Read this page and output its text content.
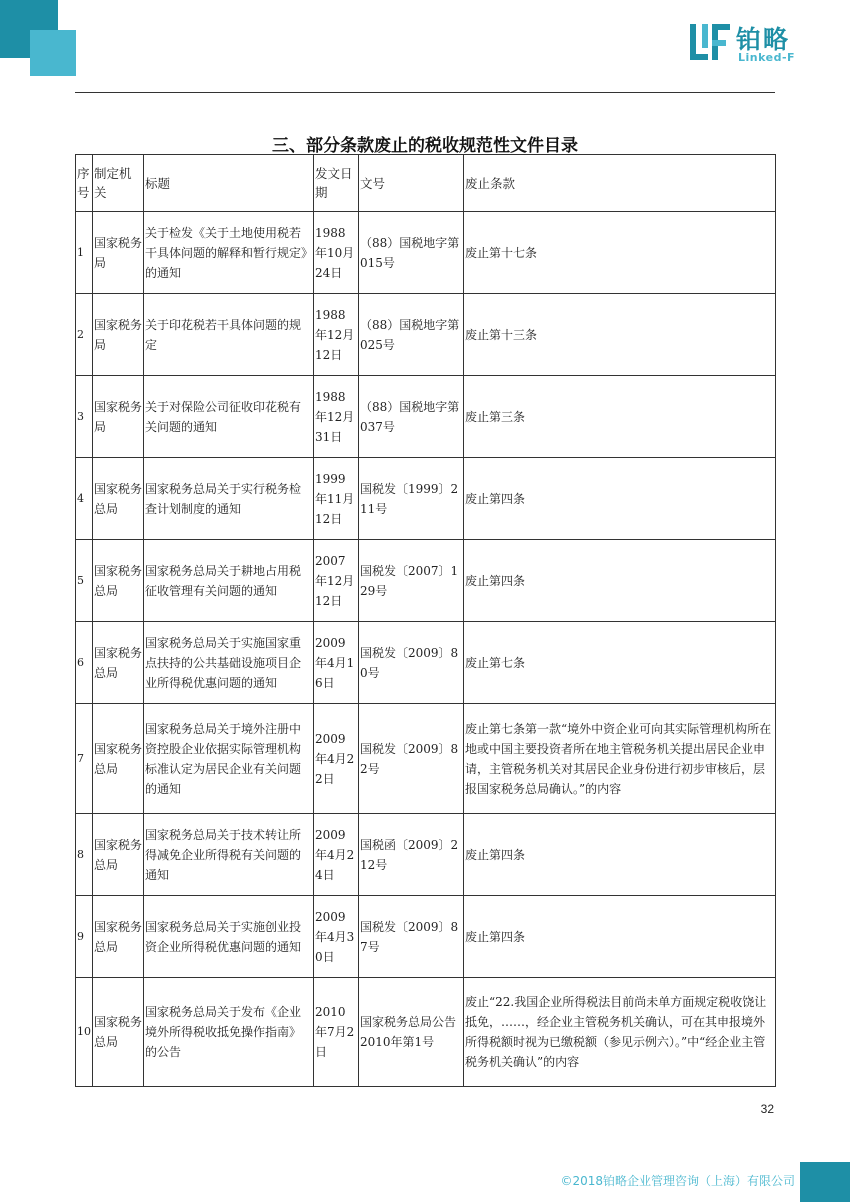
铂略
Linked-F
三、部分条款废止的税收规范性文件目录
序号	制定机关	标题	发文日期	文号	废止条款
1	国家税务局	关于检发《关于土地使用税若干具体问题的解释和暂行规定》的通知	1988年10月24日	（88）国税地字第015号	废止第十七条
2	国家税务局	关于印花税若干具体问题的规定	1988年12月12日	（88）国税地字第025号	废止第十三条
3	国家税务局	关于对保险公司征收印花税有关问题的通知	1988年12月31日	（88）国税地字第037号	废止第三条
4	国家税务总局	国家税务总局关于实行税务检查计划制度的通知	1999年11月12日	国税发〔1999〕211号	废止第四条
5	国家税务总局	国家税务总局关于耕地占用税征收管理有关问题的通知	2007年12月12日	国税发〔2007〕129号	废止第四条
6	国家税务总局	国家税务总局关于实施国家重点扶持的公共基础设施项目企业所得税优惠问题的通知	2009年4月16日	国税发〔2009〕80号	废止第七条
7	国家税务总局	国家税务总局关于境外注册中资控股企业依据实际管理机构标准认定为居民企业有关问题的通知	2009年4月22日	国税发〔2009〕82号	废止第七条第一款“境外中资企业可向其实际管理机构所在地或中国主要投资者所在地主管税务机关提出居民企业申请，主管税务机关对其居民企业身份进行初步审核后，层报国家税务总局确认。”的内容
8	国家税务总局	国家税务总局关于技术转让所得减免企业所得税有关问题的通知	2009年4月24日	国税函〔2009〕212号	废止第四条
9	国家税务总局	国家税务总局关于实施创业投资企业所得税优惠问题的通知	2009年4月30日	国税发〔2009〕87号	废止第四条
10	国家税务总局	国家税务总局关于发布《企业境外所得税收抵免操作指南》的公告	2010年7月2日	国家税务总局公告2010年第1号	废止“22.我国企业所得税法目前尚未单方面规定税收饶让抵免，……，经企业主管税务机关确认，可在其申报境外所得税额时视为已缴税额（参见示例六）。”中“经企业主管税务机关确认”的内容
32
©2018铂略企业管理咨询（上海）有限公司
